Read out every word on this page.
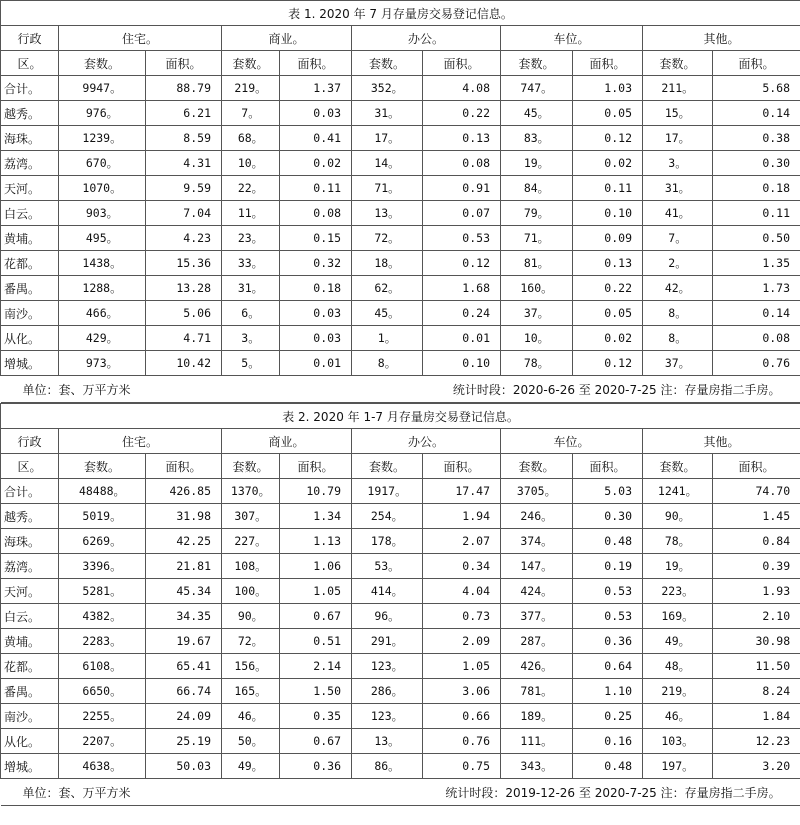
表 1. 2020 年 7 月存量房交易登记信息。										
行政	住宅。		商业。		办公。		车位。		其他。	
区。	套数。	面积。	套数。	面积。	套数。	面积。	套数。	面积。	套数。	面积。
合计。	9947。	88.79	219。	1.37	352。	4.08	747。	1.03	211。	5.68
越秀。	976。	6.21	7。	0.03	31。	0.22	45。	0.05	15。	0.14
海珠。	1239。	8.59	68。	0.41	17。	0.13	83。	0.12	17。	0.38
荔湾。	670。	4.31	10。	0.02	14。	0.08	19。	0.02	3。	0.30
天河。	1070。	9.59	22。	0.11	71。	0.91	84。	0.11	31。	0.18
白云。	903。	7.04	11。	0.08	13。	0.07	79。	0.10	41。	0.11
黄埔。	495。	4.23	23。	0.15	72。	0.53	71。	0.09	7。	0.50
花都。	1438。	15.36	33。	0.32	18。	0.12	81。	0.13	2。	1.35
番禺。	1288。	13.28	31。	0.18	62。	1.68	160。	0.22	42。	1.73
南沙。	466。	5.06	6。	0.03	45。	0.24	37。	0.05	8。	0.14
从化。	429。	4.71	3。	0.03	1。	0.01	10。	0.02	8。	0.08
增城。	973。	10.42	5。	0.01	8。	0.10	78。	0.12	37。	0.76
单位：套、万平方米				统计时段：2020-6-26 至 2020-7-25 注：存量房指二手房。						
表 2. 2020 年 1-7 月存量房交易登记信息。										
行政	住宅。		商业。		办公。		车位。		其他。	
区。	套数。	面积。	套数。	面积。	套数。	面积。	套数。	面积。	套数。	面积。
合计。	48488。	426.85	1370。	10.79	1917。	17.47	3705。	5.03	1241。	74.70
越秀。	5019。	31.98	307。	1.34	254。	1.94	246。	0.30	90。	1.45
海珠。	6269。	42.25	227。	1.13	178。	2.07	374。	0.48	78。	0.84
荔湾。	3396。	21.81	108。	1.06	53。	0.34	147。	0.19	19。	0.39
天河。	5281。	45.34	100。	1.05	414。	4.04	424。	0.53	223。	1.93
白云。	4382。	34.35	90。	0.67	96。	0.73	377。	0.53	169。	2.10
黄埔。	2283。	19.67	72。	0.51	291。	2.09	287。	0.36	49。	30.98
花都。	6108。	65.41	156。	2.14	123。	1.05	426。	0.64	48。	11.50
番禺。	6650。	66.74	165。	1.50	286。	3.06	781。	1.10	219。	8.24
南沙。	2255。	24.09	46。	0.35	123。	0.66	189。	0.25	46。	1.84
从化。	2207。	25.19	50。	0.67	13。	0.76	111。	0.16	103。	12.23
增城。	4638。	50.03	49。	0.36	86。	0.75	343。	0.48	197。	3.20
单位：套、万平方米				统计时段：2019-12-26 至 2020-7-25 注：存量房指二手房。						
